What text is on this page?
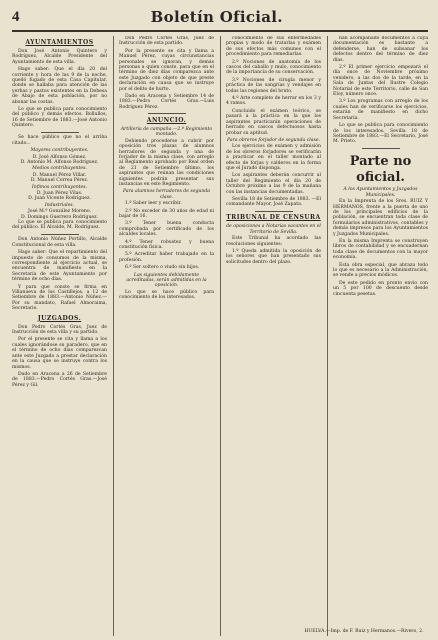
4	Boletín Oficial.
AYUNTAMIENTOS
Don José Antonio Quintero y Rodríguez, Alcalde Presidente del Ayuntamiento de esta villa.
Hago saber: Que el día 20 del corriente y hora de las 9 de la noche, quedó fugado de esta Casa Capitular, donde se hallaba para atención de las yerbas y pastos existentes en la Dehesa de Abajo de esta población, por no abonar las costas.
Lo que se publica para conocimiento del público y demás efectos. Bollullos, 16 de Setiembre de 1883.—José Antonio Quintero.
Se hace público que no el arriba citado...
Mayores contribuyentes.
D. José Alfonso Gómez.
D. Antonio M. Alfonso Rodríguez.
Medios contribuyentes.
D. Manuel Pérez Villar.
D. Manuel Correa Pérez.
Ínfimos contribuyentes.
D. Juan Pérez Vilas.
D. Juan Vicente Rodríguez.
Industriales.
José M.ª González Moreno.
D. Domingo Guerrero Rodríguez.
Lo que se publica para conocimiento del público. El Alcalde, M. Rodríguez.
Don Antonio Núñez Portillo, Alcalde Constitucional de esta villa.
Hago saber: Que el repartimiento del impuesto de consumos de la misma, correspondiente al ejercicio actual, se encuentra de manifiesto en la Secretaría de este Ayuntamiento por término de ocho días.
Y para que conste se firma en Villanueva de los Castillejos, a 12 de Setiembre de 1883.—Antonio Núñez.—Por su mandato, Rafael Almoraima, Secretario.
JUZGADOS.
Don Pedro Cortés Gras, Juez de Instrucción de esta villa y su partido.
Por el presente se cita y llama a los cuales ignorándose su paradero, que en el término de ocho días comparezcan ante este Juzgado a prestar declaración en la causa que se instruye contra los mismos.
Dado en Aracena a 26 de Setiembre de 1883.—Pedro Cortés Gras.—José Pérez y Gil.
Don Pedro Cortés Gras, Juez de Instrucción de esta partido.
Por la presente se cita y llama a Manuel Pérez, cuyas circunstancias personales se ignoran, y demás personas a quien conste, para que en el término de diez días comparezca ante este Juzgado con objeto de que preste declaración en causa que se instruye por el delito de hurto.
Dado en Aracena y Setiembre 14 de 1883.—Pedro Cortés Gras.—Luis Rodríguez Pérez.
ANUNCIO.
Artillería de campaña.—2.º Regimiento montado.
Debiendo procederse a cubrir por oposición tres plazas de alumnos herradores de segunda y una de forjador de la misma clase, con arreglo al Reglamento aprobado por Real orden de 21 de Setiembre último, los aspirantes que reúnan las condiciones siguientes podrán presentar sus instancias en este Regimiento.
Para alumnos herradores de segunda clase.
1.º Saber leer y escribir.
2.º No exceder de 30 años de edad ni bajar de 16.
3.º Tener buena conducta comprobada por certificado de los alcaldes locales.
4.º Tener robustez y buena constitución física.
5.º Acreditar haber trabajado en la profesión.
6.º Ser soltero o viudo sin hijos.
Las siguientes debidamente acreditadas, serán admitidas en la oposición.
Lo que se hace público para conocimiento de los interesados.
conocimiento de sus enfermedades propias y modo de tratarlas y exámen de sus efectos más comunes con el procedimiento para remediarlas.
2.º Nociones de anatomía de los cascos del caballo y mulo, conocimiento de la importancia de su conservación.
3.º Nociones de cirugía menor y práctica de las sangrías y vendajes en todas las regiones del bruto.
4.º Arte completo de herrar en los 3 y 4 ramos.
Concluido el exámen teórico, se pasará a la práctica en la que los aspirantes practicarán operaciones de herrado en cascos defectuosos hasta probar su aptitud.
Para obreros forjador de segunda clase.
Los ejercicios de exámen y admisión de los obreros forjadores se verificarán a practicar en el taller montado al efecto de forjas y calderos en la forma que el Jurado disponga.
Los aspirantes deberán concurrir al taller del Regimiento el día 20 de Octubre próximo a las 9 de la mañana con las instancias documentadas.
Sevilla 18 de Setiembre de 1883. —El comandante Mayor, José Zapata.
TRIBUNAL DE CENSURA
de oposiciones a Notarías vacantes en el Territorio de Sevilla.
Este Tribunal ha acordado las resoluciones siguientes:
1.º Queda admitida la oposición de los señores que han presentado sus solicitudes dentro del plazo.
han acompañado documentos a cuya documentación es bastante a defenderse, han de subsanar los defectos dentro del término de diez días.
2.º El primer ejercicio empezará el día once de Noviembre próximo venidero, a las dos de la tarde, en la Sala de Juntas del Ilustre Colegio Notarial de este Territorio, calle de San Eloy, número once.
3.º Los programas con arreglo de los cuales han de verificarse los ejercicios, estarán de manifiesto en dicho Secretaría.
Lo que se publica para conocimiento de los interesados. Sevilla 18 de Setiembre de 1883.—El Secretario, José M. Prieto.
Parte no oficial.
A los Ayuntamientos y Juzgados Municipales.
En la Imprenta de los Sres. RUIZ Y HERMANOS, frente a la puerta de uno de los principales edificios de la población, se encuentran toda clase de formularios administrativos, contables y demás impresos para los Ayuntamientos y Juzgados Municipales.
En la misma Imprenta se construyen libros de contabilidad y se encuadernan toda clase de documentos con la mayor economía.
Esta obra especial, que abraza todo lo que es necesario a la Administración, se vende a precios módicos.
De este pedido en pronto envío con un 5 por 100 de descuento desde cincuenta pesetas.
HUELVA.—Imp. de F. Ruiz y Hermanos.—Rivero, 2.
